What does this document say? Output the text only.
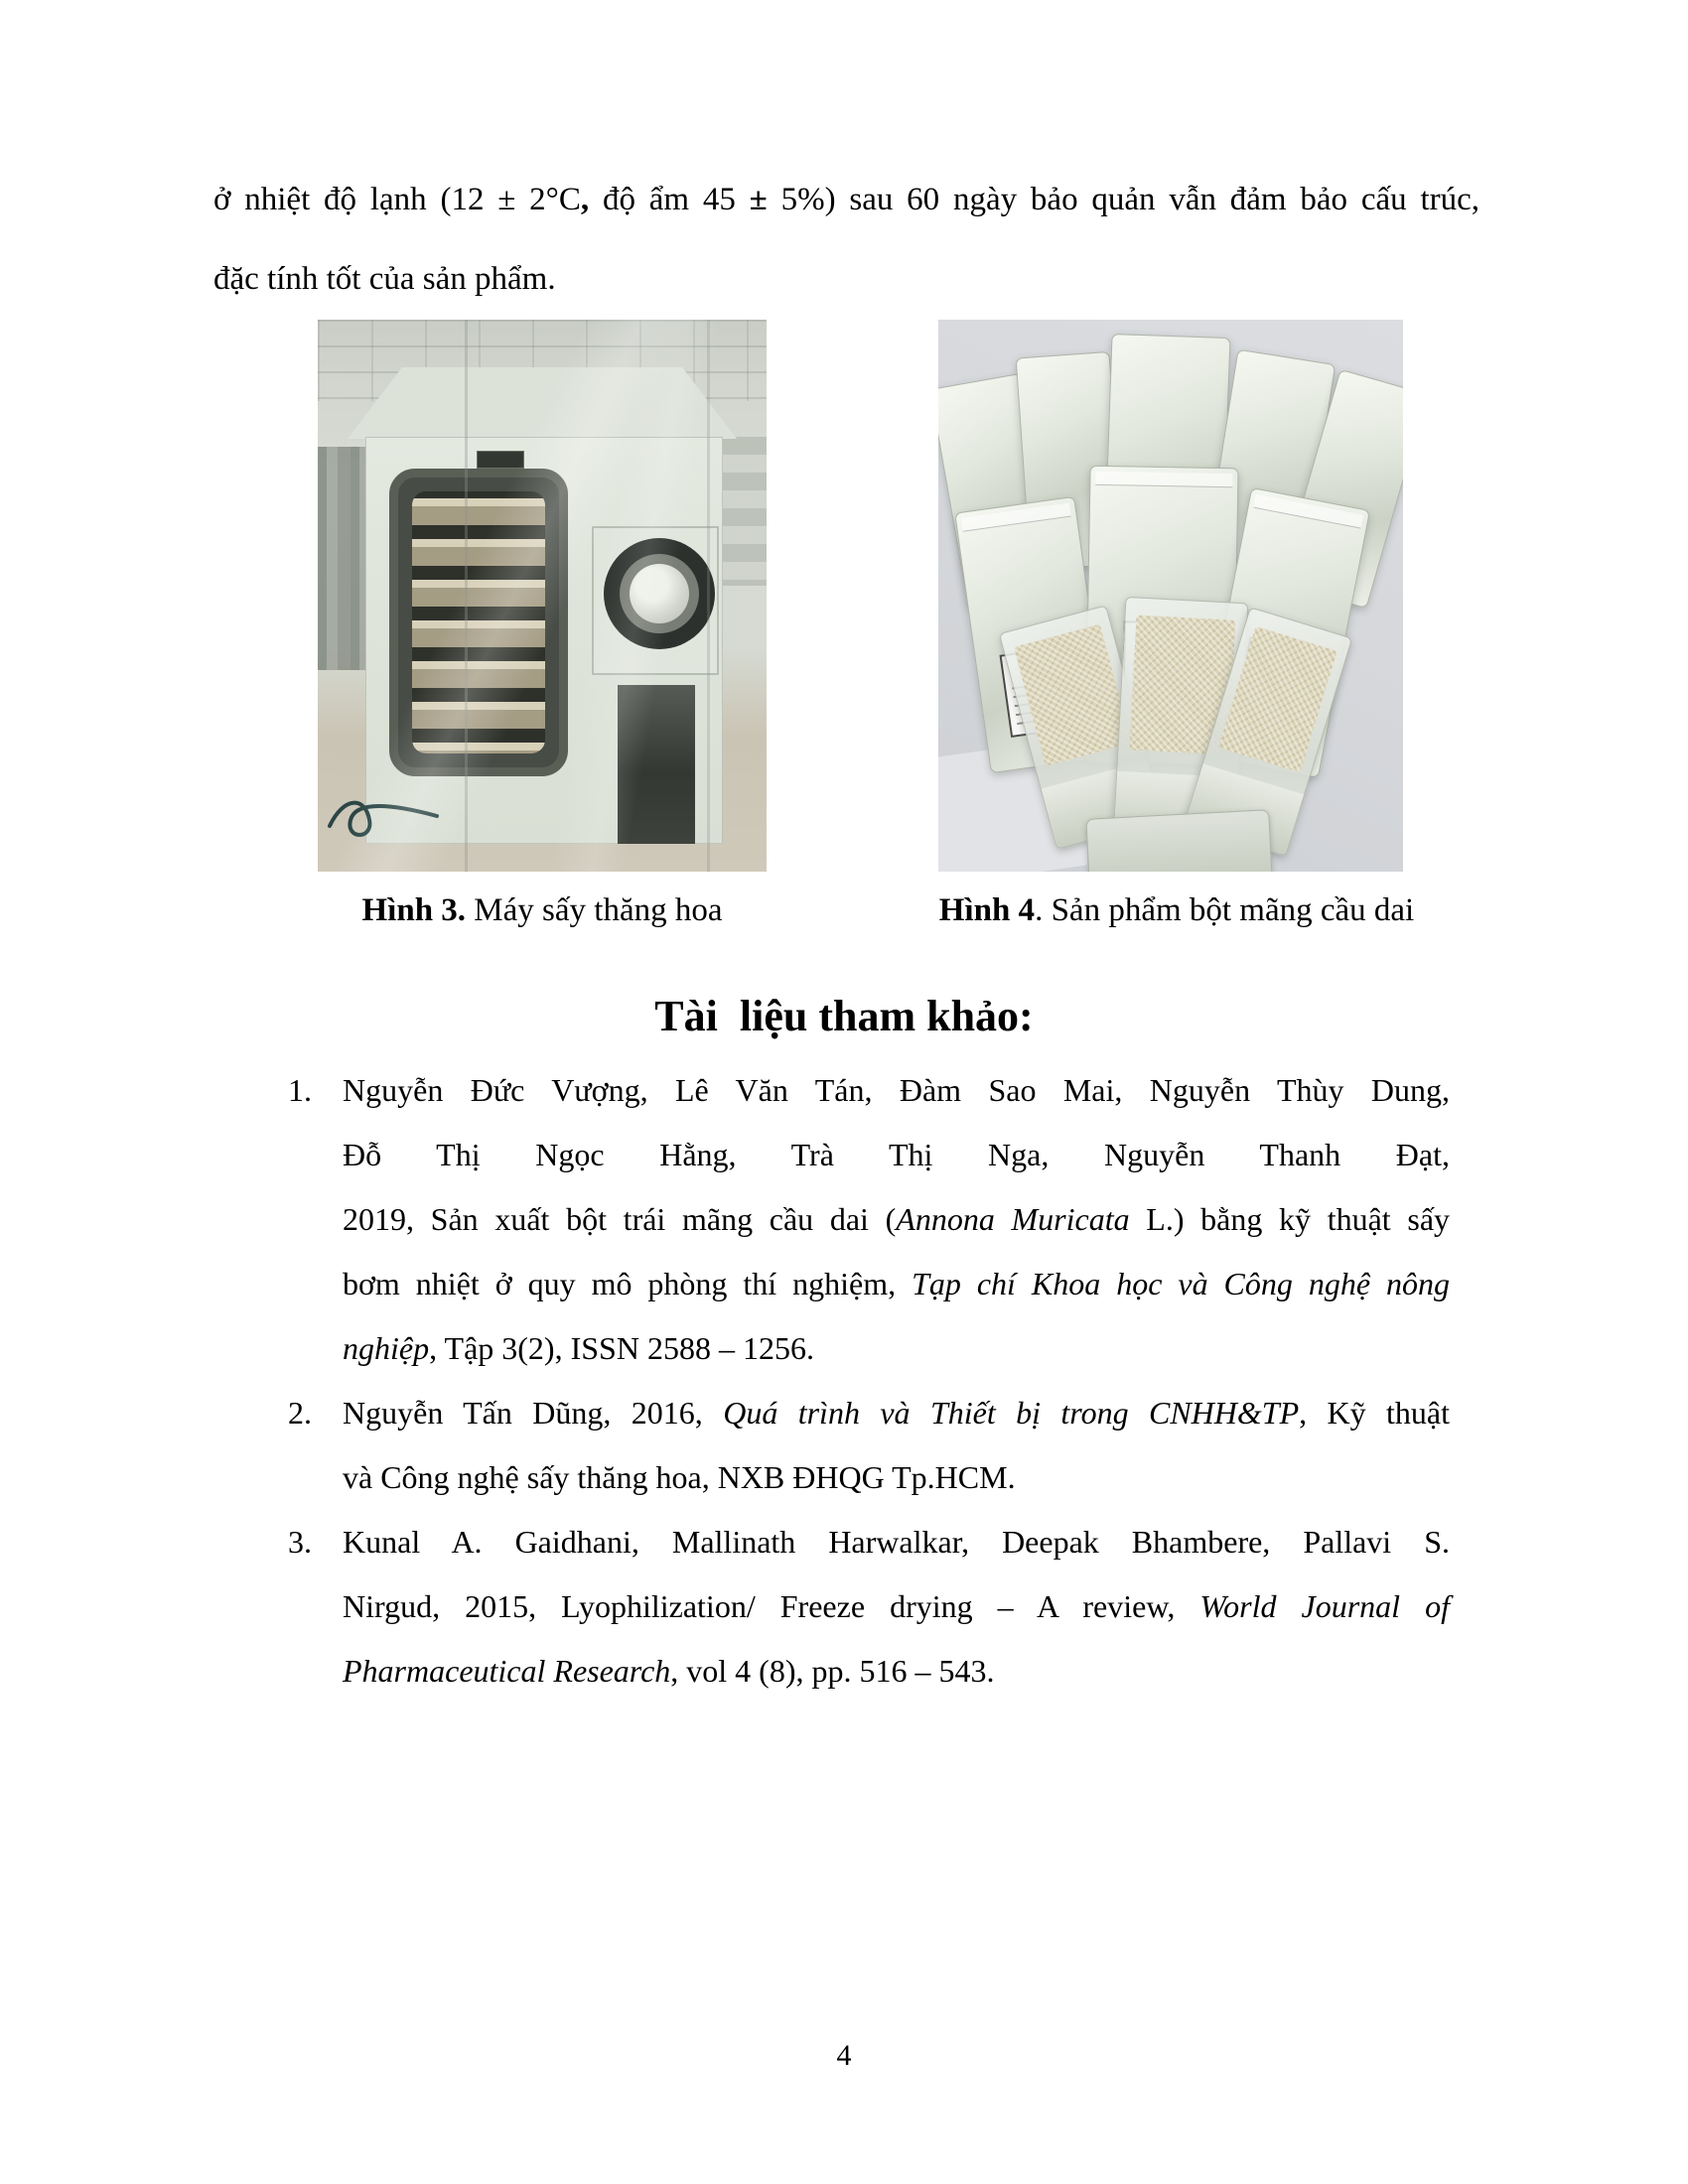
ở nhiệt độ lạnh (12 ± 2°C, độ ẩm 45 ± 5%) sau 60 ngày bảo quản vẫn đảm bảo cấu trúc,
đặc tính tốt của sản phẩm.
Hình 3. Máy sấy thăng hoa	Hình 4. Sản phẩm bột mãng cầu dai
Tài  liệu tham khảo:
1. Nguyễn Đức Vượng, Lê Văn Tán, Đàm Sao Mai, Nguyễn Thùy Dung,
Đỗ Thị Ngọc Hằng, Trà Thị Nga, Nguyễn Thanh Đạt,
2019, Sản xuất bột trái mãng cầu dai (Annona Muricata L.) bằng kỹ thuật sấy
bơm nhiệt ở quy mô phòng thí nghiệm, Tạp chí Khoa học và Công nghệ nông
nghiệp, Tập 3(2), ISSN 2588 – 1256.
2. Nguyễn Tấn Dũng, 2016, Quá trình và Thiết bị trong CNHH&TP, Kỹ thuật
và Công nghệ sấy thăng hoa, NXB ĐHQG Tp.HCM.
3. Kunal A. Gaidhani, Mallinath Harwalkar, Deepak Bhambere, Pallavi S.
Nirgud, 2015, Lyophilization/ Freeze drying – A review, World Journal of
Pharmaceutical Research, vol 4 (8), pp. 516 – 543.
4
